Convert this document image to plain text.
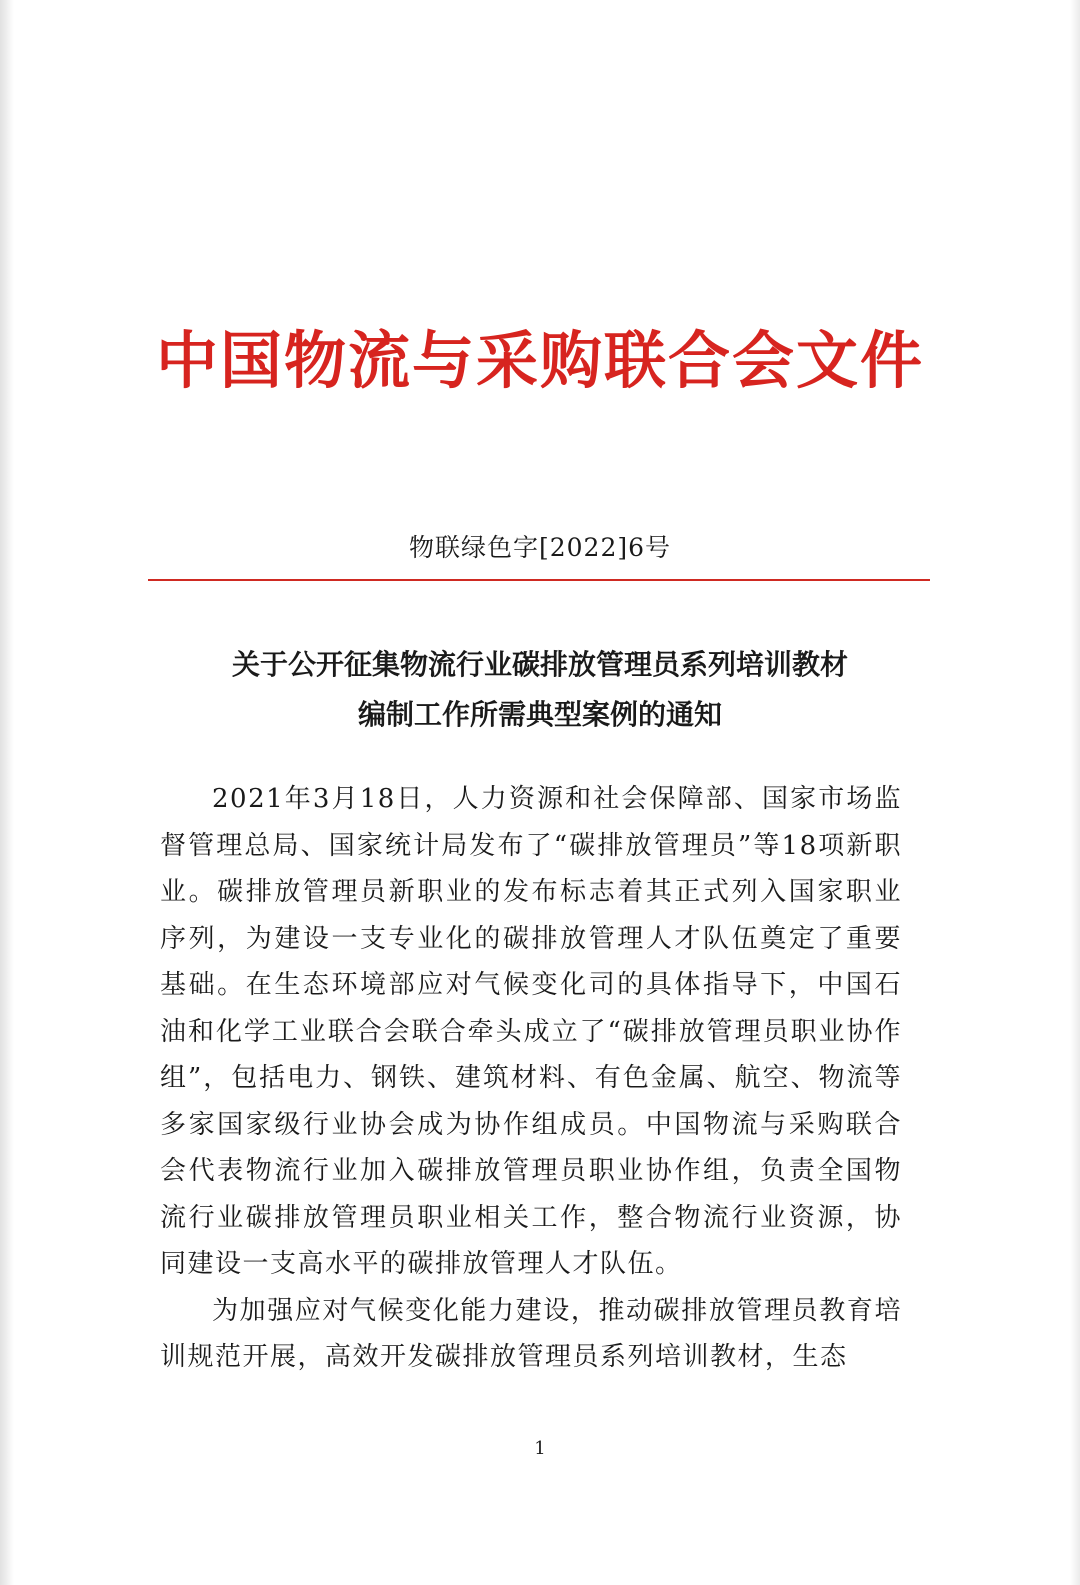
中国物流与采购联合会文件
物联绿色字[2022]6号
关于公开征集物流行业碳排放管理员系列培训教材
编制工作所需典型案例的通知

2021年3月18日，人力资源和社会保障部、国家市场监督管理总局、国家统计局发布了“碳排放管理员”等18项新职业。碳排放管理员新职业的发布标志着其正式列入国家职业序列，为建设一支专业化的碳排放管理人才队伍奠定了重要基础。在生态环境部应对气候变化司的具体指导下，中国石油和化学工业联合会联合牵头成立了“碳排放管理员职业协作组”，包括电力、钢铁、建筑材料、有色金属、航空、物流等多家国家级行业协会成为协作组成员。中国物流与采购联合会代表物流行业加入碳排放管理员职业协作组，负责全国物流行业碳排放管理员职业相关工作，整合物流行业资源，协同建设一支高水平的碳排放管理人才队伍。

为加强应对气候变化能力建设，推动碳排放管理员教育培训规范开展，高效开发碳排放管理员系列培训教材，生态

1
